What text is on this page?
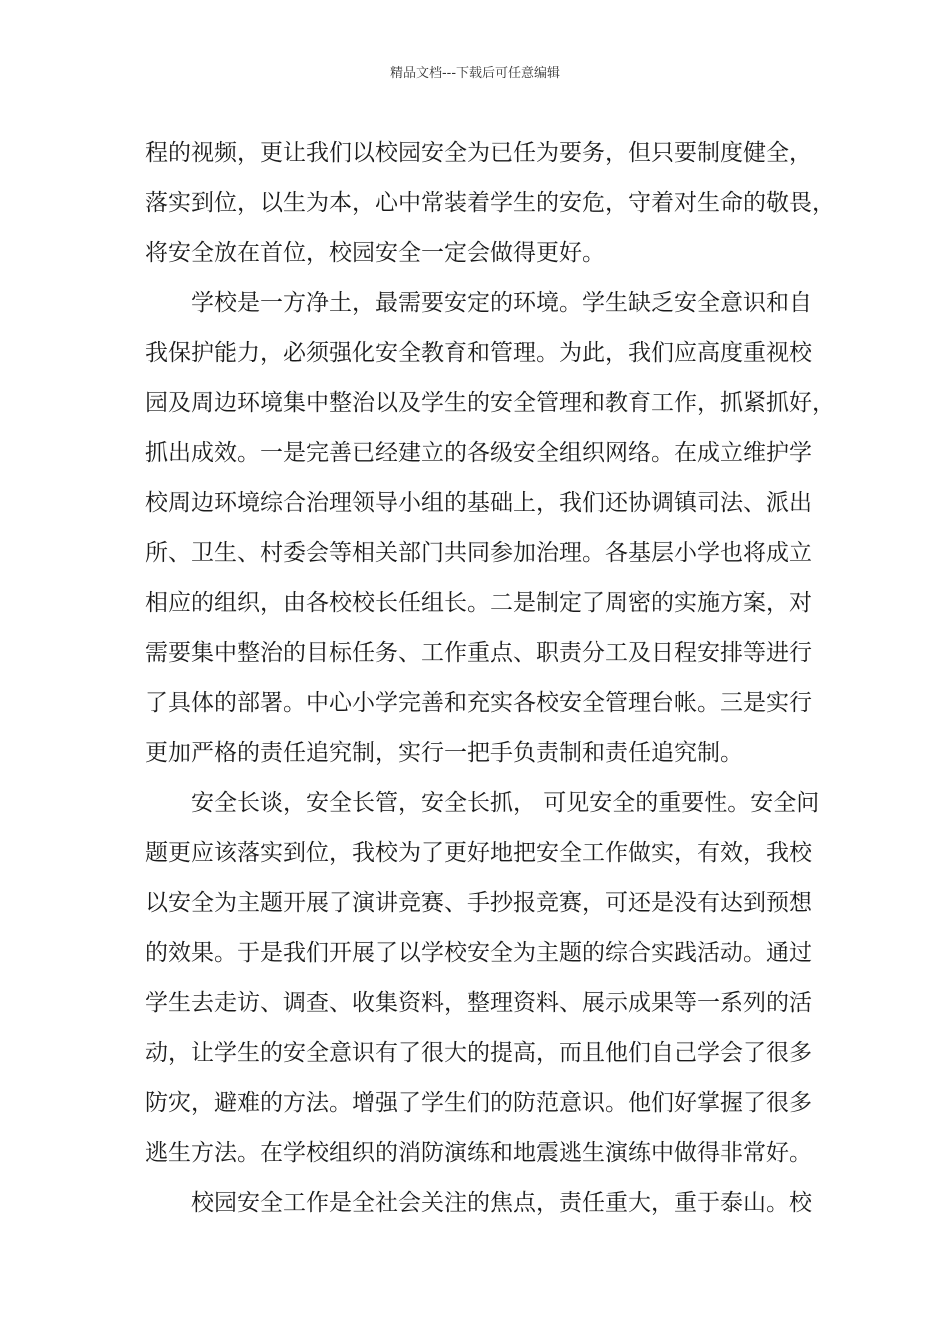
精品文档---下载后可任意编辑
程的视频，更让我们以校园安全为已任为要务，但只要制度健全，
落实到位，以生为本，心中常装着学生的安危，守着对生命的敬畏，
将安全放在首位，校园安全一定会做得更好。
学校是一方净土，最需要安定的环境。学生缺乏安全意识和自
我保护能力，必须强化安全教育和管理。为此，我们应高度重视校
园及周边环境集中整治以及学生的安全管理和教育工作，抓紧抓好，
抓出成效。一是完善已经建立的各级安全组织网络。在成立维护学
校周边环境综合治理领导小组的基础上，我们还协调镇司法、派出
所、卫生、村委会等相关部门共同参加治理。各基层小学也将成立
相应的组织，由各校校长任组长。二是制定了周密的实施方案，对
需要集中整治的目标任务、工作重点、职责分工及日程安排等进行
了具体的部署。中心小学完善和充实各校安全管理台帐。三是实行
更加严格的责任追究制，实行一把手负责制和责任追究制。
安全长谈，安全长管，安全长抓， 可见安全的重要性。安全问
题更应该落实到位，我校为了更好地把安全工作做实，有效，我校
以安全为主题开展了演讲竞赛、手抄报竞赛，可还是没有达到预想
的效果。于是我们开展了以学校安全为主题的综合实践活动。通过
学生去走访、调查、收集资料，整理资料、展示成果等一系列的活
动，让学生的安全意识有了很大的提高，而且他们自己学会了很多
防灾，避难的方法。增强了学生们的防范意识。他们好掌握了很多
逃生方法。在学校组织的消防演练和地震逃生演练中做得非常好。
校园安全工作是全社会关注的焦点，责任重大，重于泰山。校
